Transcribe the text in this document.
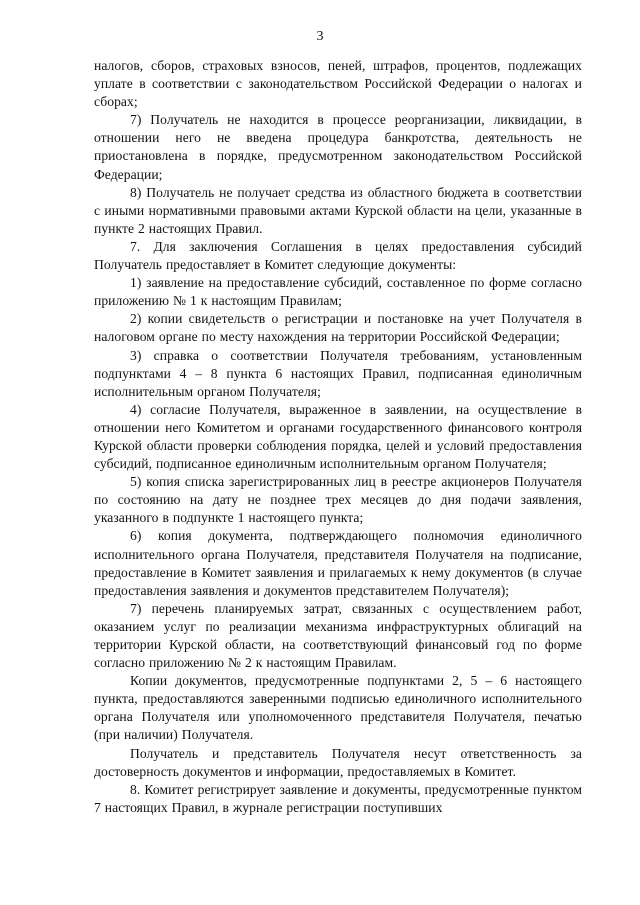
3

налогов, сборов, страховых взносов, пеней, штрафов, процентов, подлежащих уплате в соответствии с законодательством Российской Федерации о налогах и сборах;

7) Получатель не находится в процессе реорганизации, ликвидации, в отношении него не введена процедура банкротства, деятельность не приостановлена в порядке, предусмотренном законодательством Российской Федерации;

8) Получатель не получает средства из областного бюджета в соответствии с иными нормативными правовыми актами Курской области на цели, указанные в пункте 2 настоящих Правил.

7. Для заключения Соглашения в целях предоставления субсидий Получатель предоставляет в Комитет следующие документы:

1) заявление на предоставление субсидий, составленное по форме согласно приложению № 1 к настоящим Правилам;

2) копии свидетельств о регистрации и постановке на учет Получателя в налоговом органе по месту нахождения на территории Российской Федерации;

3) справка о соответствии Получателя требованиям, установленным подпунктами 4 – 8 пункта 6 настоящих Правил, подписанная единоличным исполнительным органом Получателя;

4) согласие Получателя, выраженное в заявлении, на осуществление в отношении него Комитетом и органами государственного финансового контроля Курской области проверки соблюдения порядка, целей и условий предоставления субсидий, подписанное единоличным исполнительным органом Получателя;

5) копия списка зарегистрированных лиц в реестре акционеров Получателя по состоянию на дату не позднее трех месяцев до дня подачи заявления, указанного в подпункте 1 настоящего пункта;

6) копия документа, подтверждающего полномочия единоличного исполнительного органа Получателя, представителя Получателя на подписание, предоставление в Комитет заявления и прилагаемых к нему документов (в случае предоставления заявления и документов представителем Получателя);

7) перечень планируемых затрат, связанных с осуществлением работ, оказанием услуг по реализации механизма инфраструктурных облигаций на территории Курской области, на соответствующий финансовый год по форме согласно приложению № 2 к настоящим Правилам.

Копии документов, предусмотренные подпунктами 2, 5 – 6 настоящего пункта, предоставляются заверенными подписью единоличного исполнительного органа Получателя или уполномоченного представителя Получателя, печатью (при наличии) Получателя.

Получатель и представитель Получателя несут ответственность за достоверность документов и информации, предоставляемых в Комитет.

8. Комитет регистрирует заявление и документы, предусмотренные пунктом 7 настоящих Правил, в журнале регистрации поступивших
